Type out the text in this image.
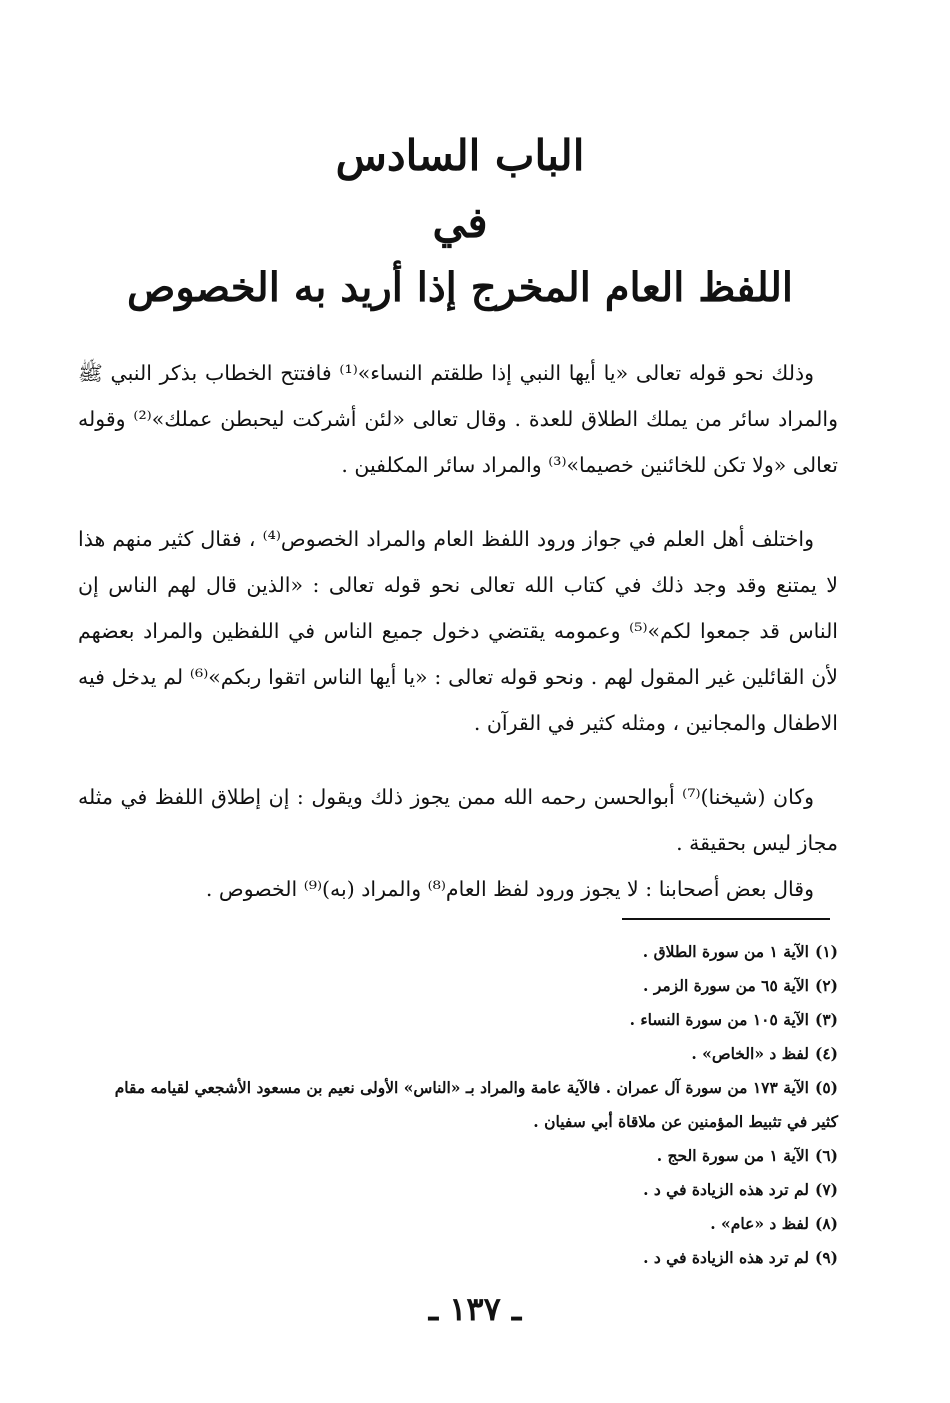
الباب السادس
في
اللفظ العام المخرج إذا أريد به الخصوص

وذلك نحو قوله تعالى «يا أيها النبي إذا طلقتم النساء»⁽¹⁾ فافتتح الخطاب بذكر النبي ﷺ والمراد سائر من يملك الطلاق للعدة . وقال تعالى «لئن أشركت ليحبطن عملك»⁽²⁾ وقوله تعالى «ولا تكن للخائنين خصيما»⁽³⁾ والمراد سائر المكلفين .

واختلف أهل العلم في جواز ورود اللفظ العام والمراد الخصوص⁽⁴⁾ ، فقال كثير منهم هذا لا يمتنع وقد وجد ذلك في كتاب الله تعالى نحو قوله تعالى : «الذين قال لهم الناس إن الناس قد جمعوا لكم»⁽⁵⁾ وعمومه يقتضي دخول جميع الناس في اللفظين والمراد بعضهم لأن القائلين غير المقول لهم . ونحو قوله تعالى : «يا أيها الناس اتقوا ربكم»⁽⁶⁾ لم يدخل فيه الاطفال والمجانين ، ومثله كثير في القرآن .

وكان (شيخنا)⁽⁷⁾ أبوالحسن رحمه الله ممن يجوز ذلك ويقول : إن إطلاق اللفظ في مثله مجاز ليس بحقيقة .

وقال بعض أصحابنا : لا يجوز ورود لفظ العام⁽⁸⁾ والمراد (به)⁽⁹⁾ الخصوص .

(١)الآية ١ من سورة الطلاق .
(٢)الآية ٦٥ من سورة الزمر .
(٣)الآية ١٠٥ من سورة النساء .
(٤)لفظ د «الخاص» .
(٥)الآية ١٧٣ من سورة آل عمران . فالآية عامة والمراد بـ «الناس» الأولى نعيم بن مسعود الأشجعي لقيامه مقام
كثير في تثبيط المؤمنين عن ملاقاة أبي سفيان .
(٦)الآية ١ من سورة الحج .
(٧)لم ترد هذه الزيادة في د .
(٨)لفظ د «عام» .
(٩)لم ترد هذه الزيادة في د .
ـ ١٣٧ ـ
